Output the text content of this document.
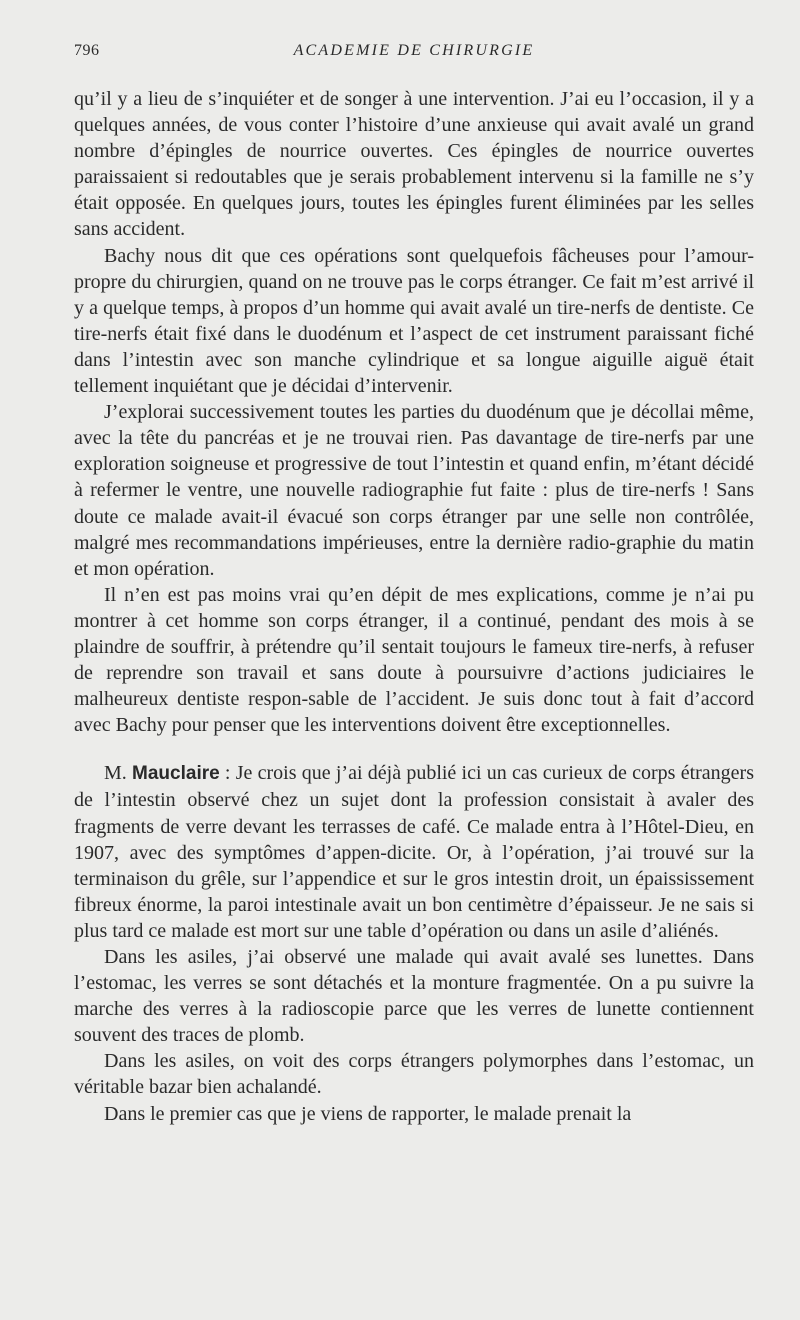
796	ACADEMIE DE CHIRURGIE

qu’il y a lieu de s’inquiéter et de songer à une intervention. J’ai eu l’occasion, il y a quelques années, de vous conter l’histoire d’une anxieuse qui avait avalé un grand nombre d’épingles de nourrice ouvertes. Ces épingles de nourrice ouvertes paraissaient si redoutables que je serais probablement intervenu si la famille ne s’y était opposée. En quelques jours, toutes les épingles furent éliminées par les selles sans accident.

Bachy nous dit que ces opérations sont quelquefois fâcheuses pour l’amour-propre du chirurgien, quand on ne trouve pas le corps étranger. Ce fait m’est arrivé il y a quelque temps, à propos d’un homme qui avait avalé un tire-nerfs de dentiste. Ce tire-nerfs était fixé dans le duodénum et l’aspect de cet instrument paraissant fiché dans l’intestin avec son manche cylindrique et sa longue aiguille aiguë était tellement inquiétant que je décidai d’intervenir.

J’explorai successivement toutes les parties du duodénum que je décollai même, avec la tête du pancréas et je ne trouvai rien. Pas davantage de tire-nerfs par une exploration soigneuse et progressive de tout l’intestin et quand enfin, m’étant décidé à refermer le ventre, une nouvelle radiographie fut faite : plus de tire-nerfs ! Sans doute ce malade avait-il évacué son corps étranger par une selle non contrôlée, malgré mes recommandations impérieuses, entre la dernière radio-graphie du matin et mon opération.

Il n’en est pas moins vrai qu’en dépit de mes explications, comme je n’ai pu montrer à cet homme son corps étranger, il a continué, pendant des mois à se plaindre de souffrir, à prétendre qu’il sentait toujours le fameux tire-nerfs, à refuser de reprendre son travail et sans doute à poursuivre d’actions judiciaires le malheureux dentiste respon-sable de l’accident. Je suis donc tout à fait d’accord avec Bachy pour penser que les interventions doivent être exceptionnelles.

M. Mauclaire : Je crois que j’ai déjà publié ici un cas curieux de corps étrangers de l’intestin observé chez un sujet dont la profession consistait à avaler des fragments de verre devant les terrasses de café. Ce malade entra à l’Hôtel-Dieu, en 1907, avec des symptômes d’appen-dicite. Or, à l’opération, j’ai trouvé sur la terminaison du grêle, sur l’appendice et sur le gros intestin droit, un épaississement fibreux énorme, la paroi intestinale avait un bon centimètre d’épaisseur. Je ne sais si plus tard ce malade est mort sur une table d’opération ou dans un asile d’aliénés.

Dans les asiles, j’ai observé une malade qui avait avalé ses lunettes. Dans l’estomac, les verres se sont détachés et la monture fragmentée. On a pu suivre la marche des verres à la radioscopie parce que les verres de lunette contiennent souvent des traces de plomb.

Dans les asiles, on voit des corps étrangers polymorphes dans l’estomac, un véritable bazar bien achalandé.

Dans le premier cas que je viens de rapporter, le malade prenait la
